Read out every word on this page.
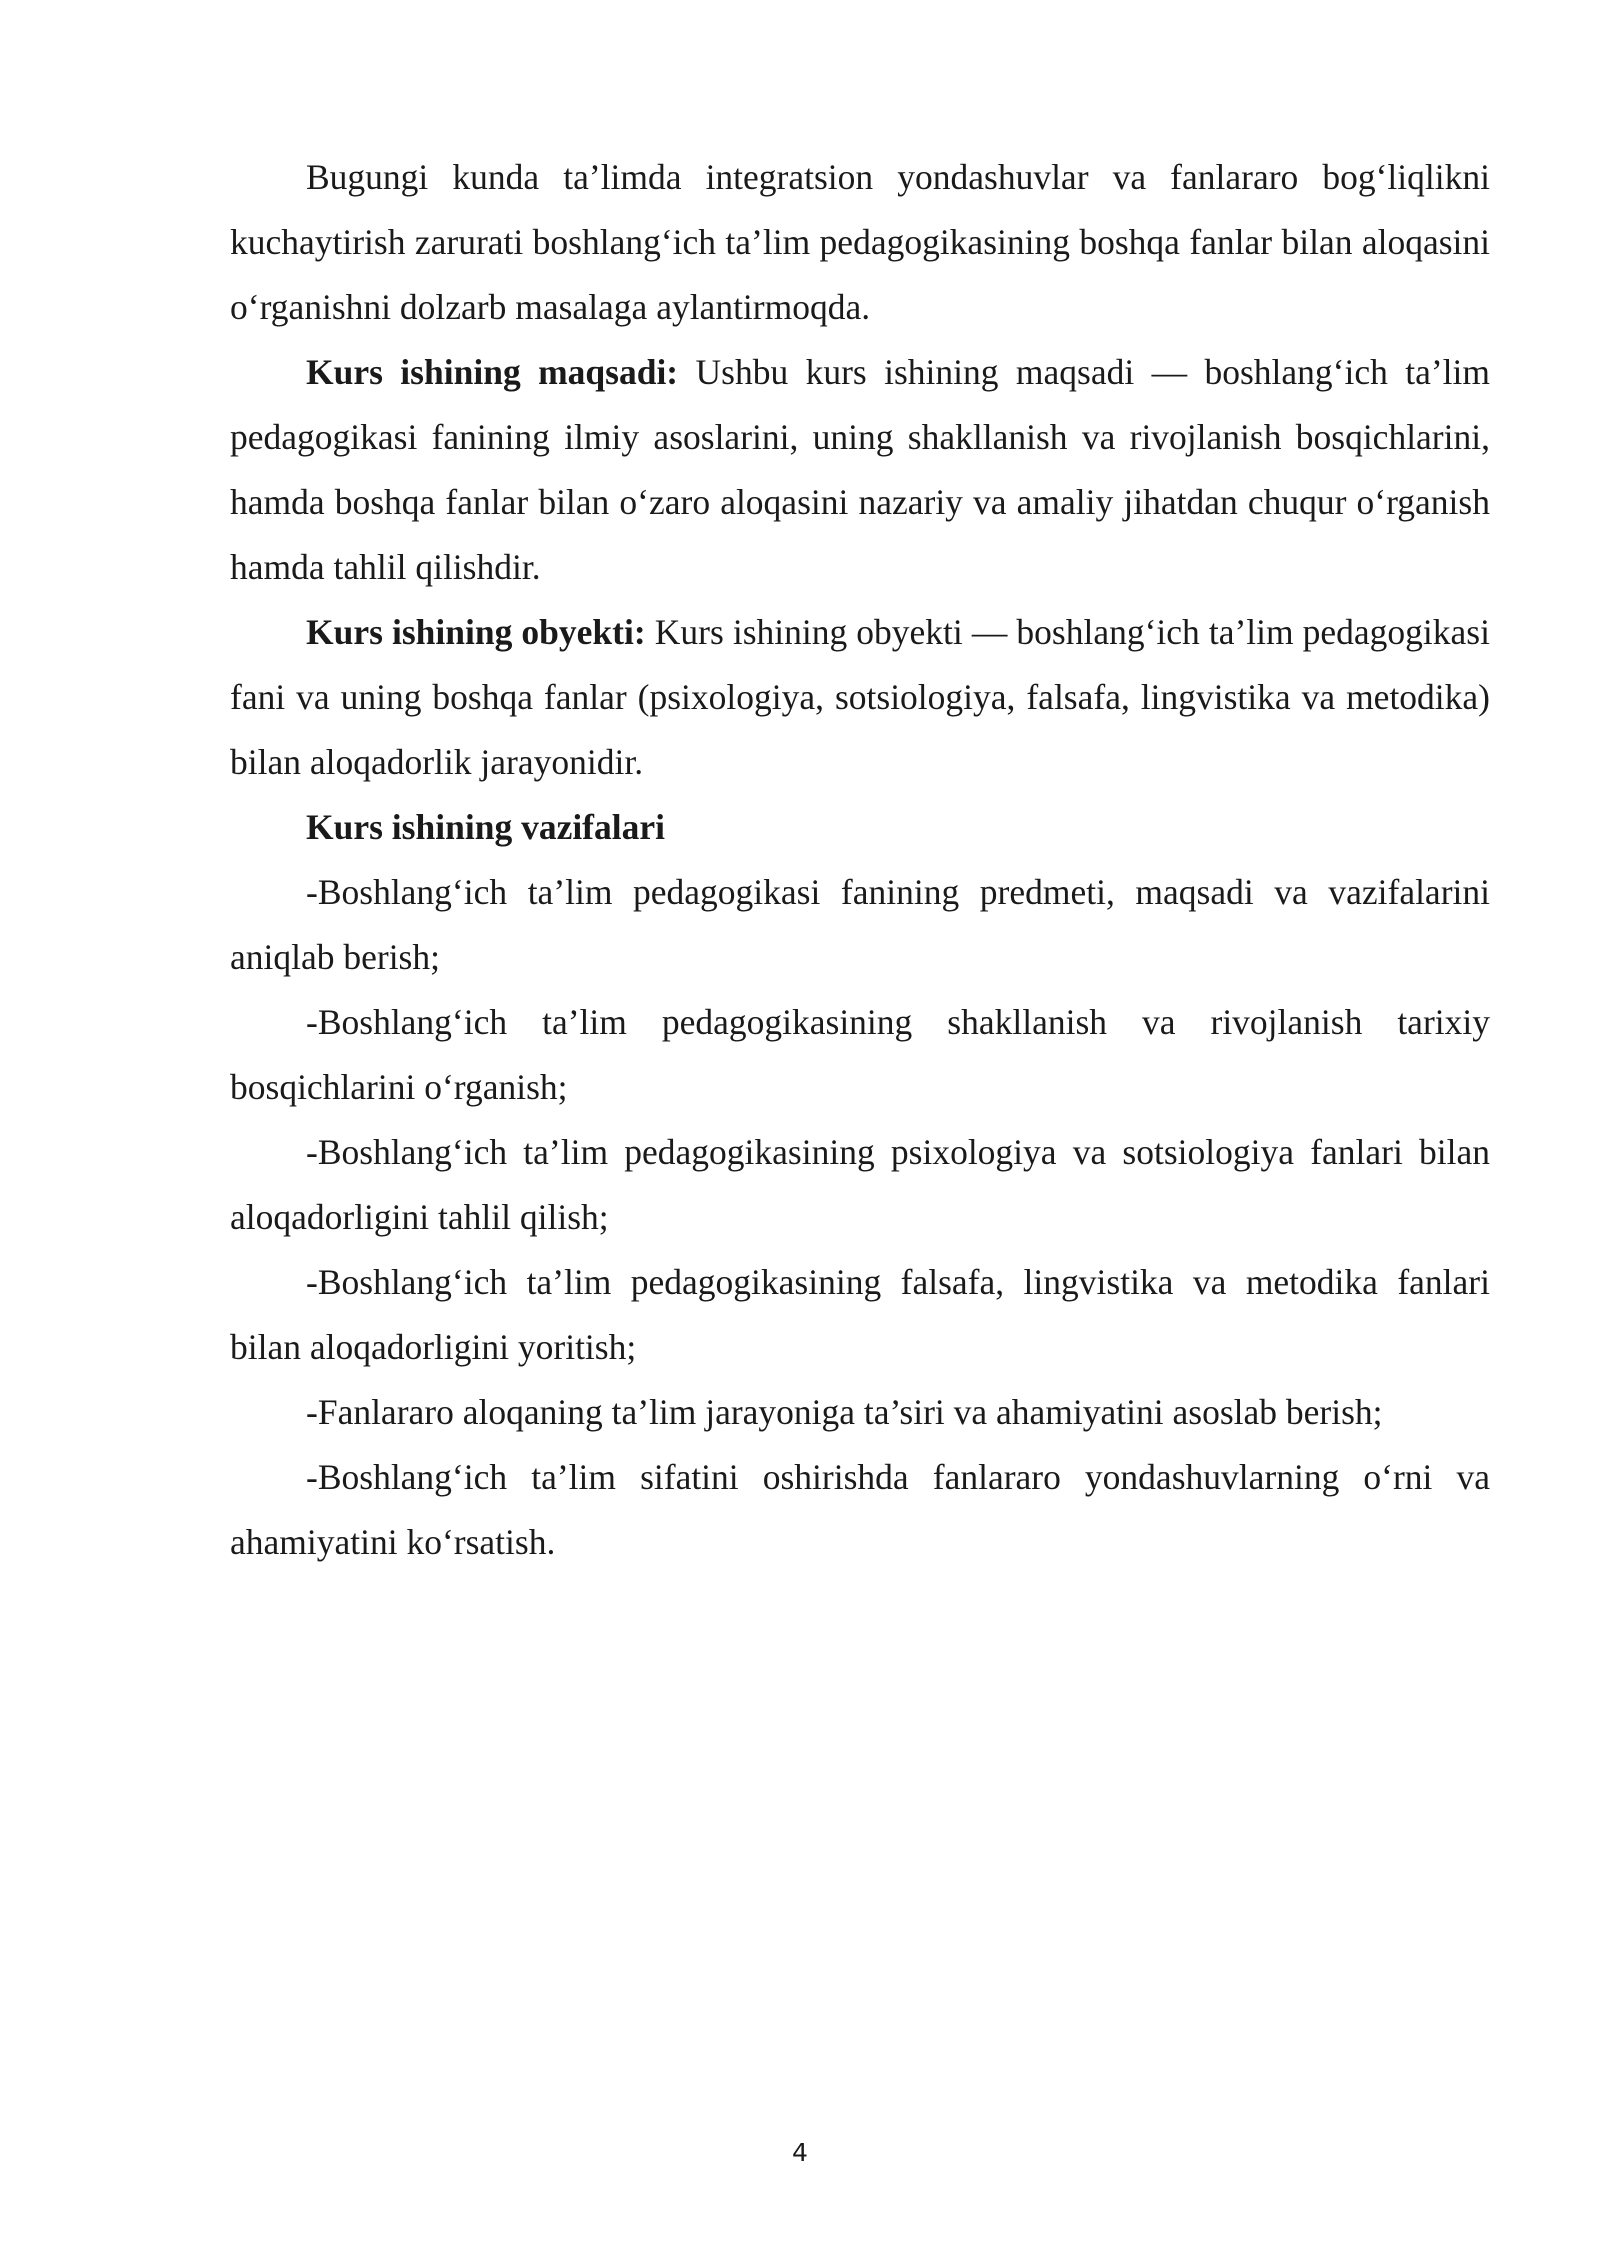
Bugungi kunda ta’limda integratsion yondashuvlar va fanlararo bog‘liqlikni kuchaytirish zarurati boshlang‘ich ta’lim pedagogikasining boshqa fanlar bilan aloqasini o‘rganishni dolzarb masalaga aylantirmoqda.

Kurs ishining maqsadi: Ushbu kurs ishining maqsadi — boshlang‘ich ta’lim pedagogikasi fanining ilmiy asoslarini, uning shakllanish va rivojlanish bosqichlarini, hamda boshqa fanlar bilan o‘zaro aloqasini nazariy va amaliy jihatdan chuqur o‘rganish hamda tahlil qilishdir.

Kurs ishining obyekti: Kurs ishining obyekti — boshlang‘ich ta’lim pedagogikasi fani va uning boshqa fanlar (psixologiya, sotsiologiya, falsafa, lingvistika va metodika) bilan aloqadorlik jarayonidir.

Kurs ishining vazifalari

-Boshlang‘ich ta’lim pedagogikasi fanining predmeti, maqsadi va vazifalarini aniqlab berish;

-Boshlang‘ich ta’lim pedagogikasining shakllanish va rivojlanish tarixiy bosqichlarini o‘rganish;

-Boshlang‘ich ta’lim pedagogikasining psixologiya va sotsiologiya fanlari bilan aloqadorligini tahlil qilish;

-Boshlang‘ich ta’lim pedagogikasining falsafa, lingvistika va metodika fanlari bilan aloqadorligini yoritish;

-Fanlararo aloqaning ta’lim jarayoniga ta’siri va ahamiyatini asoslab berish;

-Boshlang‘ich ta’lim sifatini oshirishda fanlararo yondashuvlarning o‘rni va ahamiyatini ko‘rsatish.

4
